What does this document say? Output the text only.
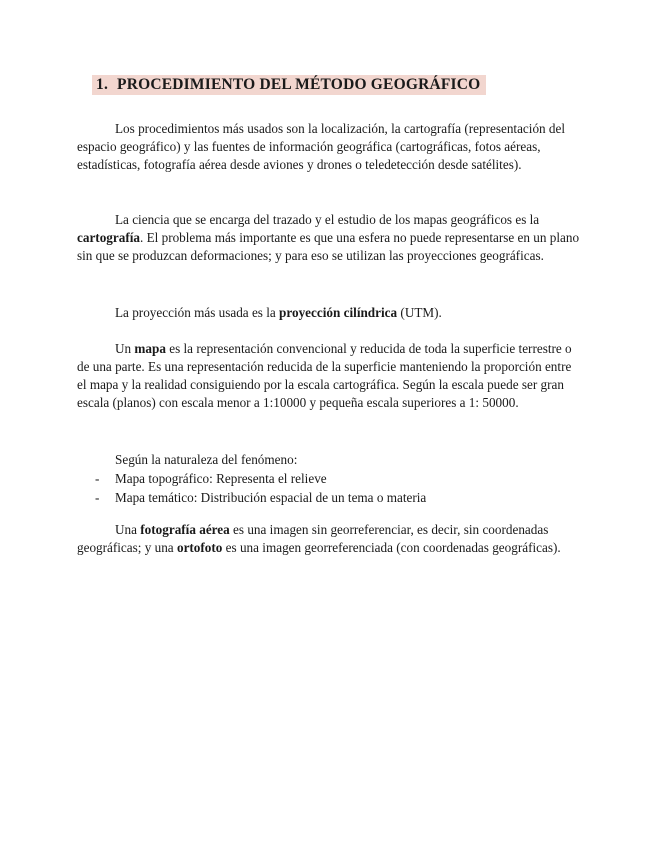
1. PROCEDIMIENTO DEL MÉTODO GEOGRÁFICO

Los procedimientos más usados son la localización, la cartografía (representación del espacio geográfico) y las fuentes de información geográfica (cartográficas, fotos aéreas, estadísticas, fotografía aérea desde aviones y drones o teledetección desde satélites).

La ciencia que se encarga del trazado y el estudio de los mapas geográficos es la cartografía. El problema más importante es que una esfera no puede representarse en un plano sin que se produzcan deformaciones; y para eso se utilizan las proyecciones geográficas.

La proyección más usada es la proyección cilíndrica (UTM).

Un mapa es la representación convencional y reducida de toda la superficie terrestre o de una parte. Es una representación reducida de la superficie manteniendo la proporción entre el mapa y la realidad consiguiendo por la escala cartográfica. Según la escala puede ser gran escala (planos) con escala menor a 1:10000 y pequeña escala superiores a 1: 50000.

Según la naturaleza del fenómeno:
- Mapa topográfico: Representa el relieve
- Mapa temático: Distribución espacial de un tema o materia

Una fotografía aérea es una imagen sin georreferenciar, es decir, sin coordenadas geográficas; y una ortofoto es una imagen georreferenciada (con coordenadas geográficas).
